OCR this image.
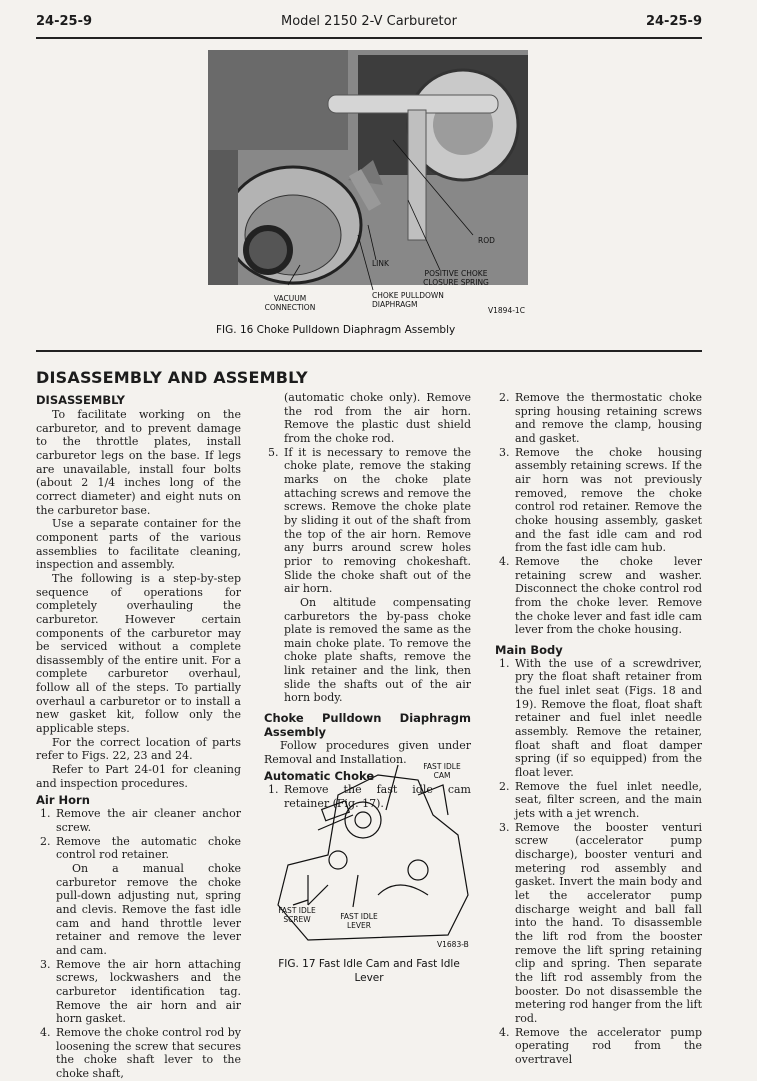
24-25-9	Model 2150 2-V Carburetor	24-25-9
ROD
LINK
POSITIVE CHOKE CLOSURE SPRING
VACUUM CONNECTION
CHOKE PULLDOWN DIAPHRAGM
V1894-1C
FIG. 16 Choke Pulldown Diaphragm Assembly
DISASSEMBLY AND ASSEMBLY
DISASSEMBLY

To facilitate working on the carburetor, and to prevent damage to the throttle plates, install carburetor legs on the base. If legs are unavailable, install four bolts (about 2 1/4 inches long of the correct diameter) and eight nuts on the carburetor base.

Use a separate container for the component parts of the various assemblies to facilitate cleaning, inspection and assembly.

The following is a step-by-step sequence of operations for completely overhauling the carburetor. However certain components of the carburetor may be serviced without a complete disassembly of the entire unit. For a complete carburetor overhaul, follow all of the steps. To partially overhaul a carburetor or to install a new gasket kit, follow only the applicable steps.

For the correct location of parts refer to Figs. 22, 23 and 24.

Refer to Part 24-01 for cleaning and inspection procedures.

Air Horn
1. Remove the air cleaner anchor screw.
2. Remove the automatic choke control rod retainer.

On a manual choke carburetor remove the choke pull-down adjusting nut, spring and clevis. Remove the fast idle cam and hand throttle lever retainer and remove the lever and cam.

3. Remove the air horn attaching screws, lockwashers and the carburetor identification tag. Remove the air horn and air horn gasket.
4. Remove the choke control rod by loosening the screw that secures the choke shaft lever to the choke shaft,

(automatic choke only). Remove the rod from the air horn. Remove the plastic dust shield from the choke rod.

5. If it is necessary to remove the choke plate, remove the staking marks on the choke plate attaching screws and remove the screws. Remove the choke plate by sliding it out of the shaft from the top of the air horn. Remove any burrs around screw holes prior to removing chokeshaft. Slide the choke shaft out of the air horn.

On altitude compensating carburetors the by-pass choke plate is removed the same as the main choke plate. To remove the choke plate shafts, remove the link retainer and the link, then slide the shafts out of the air horn body.

Choke Pulldown Diaphragm Assembly

Follow procedures given under Removal and Installation.

Automatic Choke
1. Remove the fast idle cam retainer (Fig. 17).
FAST IDLE CAM
FAST IDLE SCREW	FAST IDLE LEVER
V1683-B
FIG. 17 Fast Idle Cam and Fast Idle Lever
2. Remove the thermostatic choke spring housing retaining screws and remove the clamp, housing and gasket.
3. Remove the choke housing assembly retaining screws. If the air horn was not previously removed, remove the choke control rod retainer. Remove the choke housing assembly, gasket and the fast idle cam and rod from the fast idle cam hub.
4. Remove the choke lever retaining screw and washer. Disconnect the choke control rod from the choke lever. Remove the choke lever and fast idle cam lever from the choke housing.
Main Body
1. With the use of a screwdriver, pry the float shaft retainer from the fuel inlet seat (Figs. 18 and 19). Remove the float, float shaft retainer and fuel inlet needle assembly. Remove the retainer, float shaft and float damper spring (if so equipped) from the float lever.
2. Remove the fuel inlet needle, seat, filter screen, and the main jets with a jet wrench.
3. Remove the booster venturi screw (accelerator pump discharge), booster venturi and metering rod assembly and gasket. Invert the main body and let the accelerator pump discharge weight and ball fall into the hand. To disassemble the lift rod from the booster remove the lift spring retaining clip and spring. Then separate the lift rod assembly from the booster. Do not disassemble the metering rod hanger from the lift rod.
4. Remove the accelerator pump operating rod from the overtravel
